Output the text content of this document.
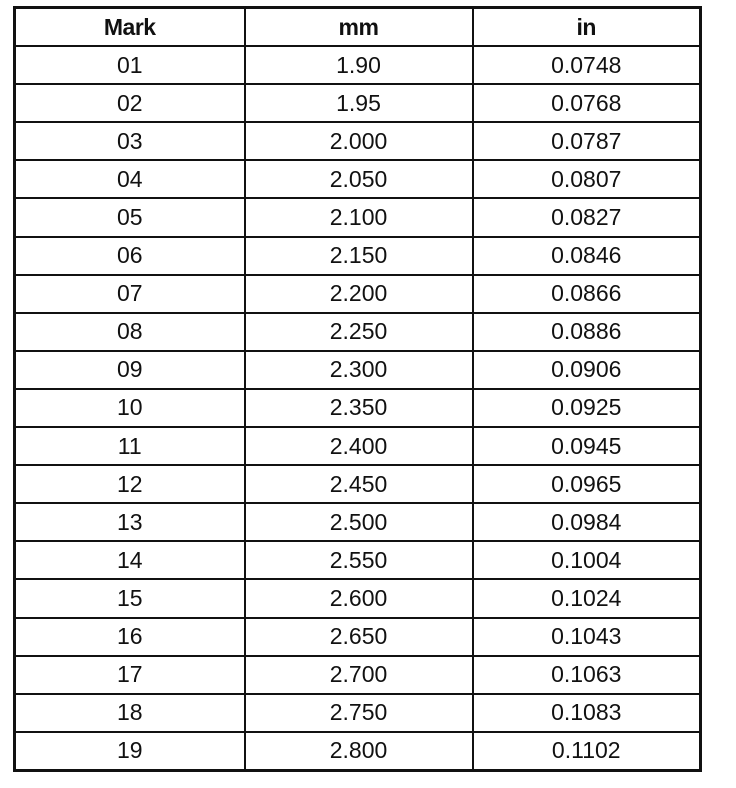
Mark	mm	in
01	1.90	0.0748
02	1.95	0.0768
03	2.000	0.0787
04	2.050	0.0807
05	2.100	0.0827
06	2.150	0.0846
07	2.200	0.0866
08	2.250	0.0886
09	2.300	0.0906
10	2.350	0.0925
11	2.400	0.0945
12	2.450	0.0965
13	2.500	0.0984
14	2.550	0.1004
15	2.600	0.1024
16	2.650	0.1043
17	2.700	0.1063
18	2.750	0.1083
19	2.800	0.1102
